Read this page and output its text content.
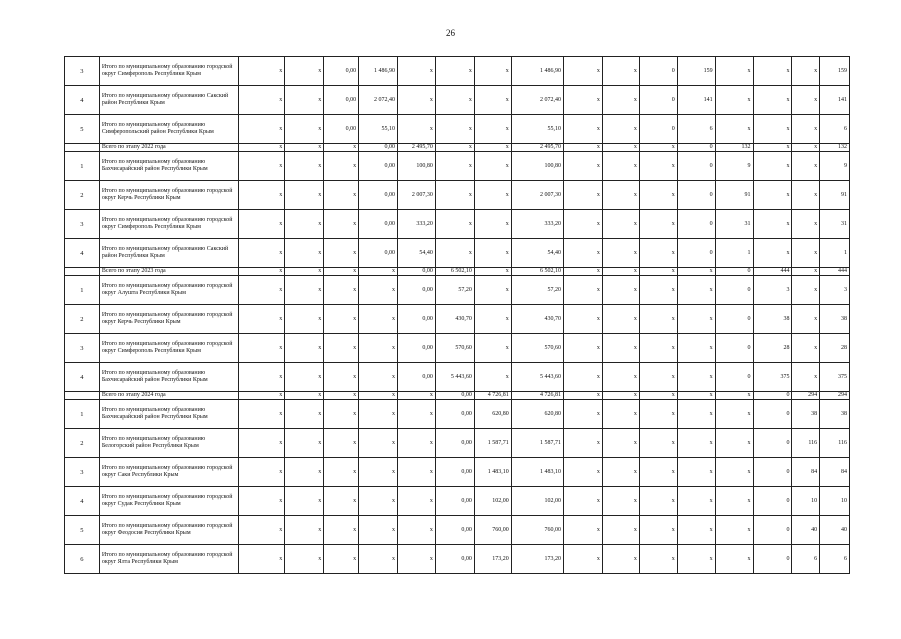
26
3	Итого по муниципальному образованию городской округ Симферополь Республики Крым	х	х	0,00	1 486,90	х	х	х	1 486,90	х	х	0	159	х	х	х	159
4	Итого по муниципальному образованию Сакский район Республики Крым	х	х	0,00	2 072,40	х	х	х	2 072,40	х	х	0	141	х	х	х	141
5	Итого по муниципальному образованию Симферопольский район Республики Крым	х	х	0,00	55,10	х	х	х	55,10	х	х	0	6	х	х	х	6
	Всего по этапу 2022 года	х	х	х	0,00	2 495,70	х	х	2 495,70	х	х	х	0	132	х	х	132
1	Итого по муниципальному образованию Бахчисарайский район Республики Крым	х	х	х	0,00	100,80	х	х	100,80	х	х	х	0	9	х	х	9
2	Итого по муниципальному образованию городской округ Керчь Республики Крым	х	х	х	0,00	2 007,30	х	х	2 007,30	х	х	х	0	91	х	х	91
3	Итого по муниципальному образованию городской округ Симферополь Республики Крым	х	х	х	0,00	333,20	х	х	333,20	х	х	х	0	31	х	х	31
4	Итого по муниципальному образованию Сакский район Республики Крым	х	х	х	0,00	54,40	х	х	54,40	х	х	х	0	1	х	х	1
	Всего по этапу 2023 года	х	х	х	х	0,00	6 502,10	х	6 502,10	х	х	х	х	0	444	х	444
1	Итого по муниципальному образованию городской округ Алушта Республики Крым	х	х	х	х	0,00	57,20	х	57,20	х	х	х	х	0	3	х	3
2	Итого по муниципальному образованию городской округ Керчь Республики Крым	х	х	х	х	0,00	430,70	х	430,70	х	х	х	х	0	38	х	38
3	Итого по муниципальному образованию городской округ Симферополь Республики Крым	х	х	х	х	0,00	570,60	х	570,60	х	х	х	х	0	28	х	28
4	Итого по муниципальному образованию Бахчисарайский район Республики Крым	х	х	х	х	0,00	5 443,60	х	5 443,60	х	х	х	х	0	375	х	375
	Всего по этапу 2024 года	х	х	х	х	х	0,00	4 726,81	4 726,81	х	х	х	х	х	0	294	294
1	Итого по муниципальному образованию Бахчисарайский район Республики Крым	х	х	х	х	х	0,00	620,80	620,80	х	х	х	х	х	0	38	38
2	Итого по муниципальному образованию Белогорский район Республики Крым	х	х	х	х	х	0,00	1 587,71	1 587,71	х	х	х	х	х	0	116	116
3	Итого по муниципальному образованию городской округ Саки Республики Крым	х	х	х	х	х	0,00	1 483,10	1 483,10	х	х	х	х	х	0	84	84
4	Итого по муниципальному образованию городской округ Судак Республики Крым	х	х	х	х	х	0,00	102,00	102,00	х	х	х	х	х	0	10	10
5	Итого по муниципальному образованию городской округ Феодосия Республики Крым	х	х	х	х	х	0,00	760,00	760,00	х	х	х	х	х	0	40	40
6	Итого по муниципальному образованию городской округ Ялта Республики Крым	х	х	х	х	х	0,00	173,20	173,20	х	х	х	х	х	0	6	6
